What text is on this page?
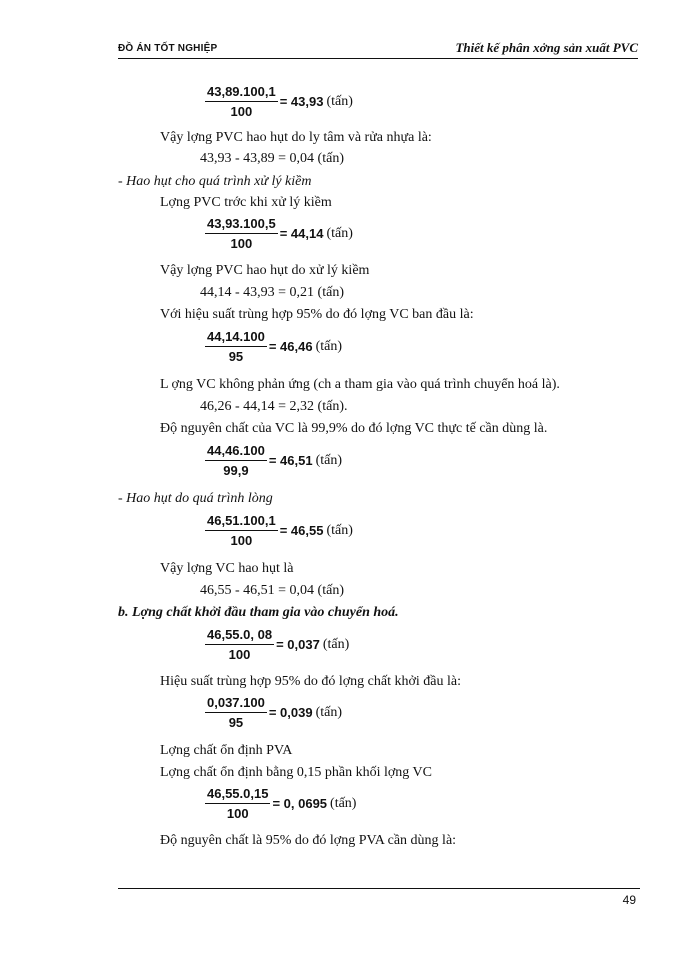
ĐỒ ÁN TỐT NGHIỆP	Thiết kế phân xởng sản xuất PVC
$\frac{43,89.100,1}{100} = 43,93$ (tấn)
Vậy lợng PVC hao hụt do ly tâm và rửa nhựa là:
43,93 - 43,89 = 0,04 (tấn)
- Hao hụt cho quá trình xử lý kiềm
Lợng PVC trớc khi xử lý kiềm
$\frac{43,93.100,5}{100} = 44,14$ (tấn)
Vậy lợng PVC hao hụt do xử lý kiềm
44,14 - 43,93 = 0,21 (tấn)
Với hiệu suất trùng hợp 95% do đó lợng VC ban đầu là:
$\frac{44,14.100}{95} = 46,46$ (tấn)
L ợng VC không phản ứng (ch a tham gia vào quá trình chuyển hoá là).
46,26 - 44,14 = 2,32 (tấn).
Độ nguyên chất của VC là 99,9% do đó lợng VC thực tế cần dùng là.
$\frac{44,46.100}{99,9} = 46,51$ (tấn)
- Hao hụt do quá trình lòng
$\frac{46,51.100,1}{100} = 46,55$ (tấn)
Vậy lợng VC hao hụt là
46,55 - 46,51 = 0,04 (tấn)
b. Lợng chất khởi đầu tham gia vào chuyển hoá.
$\frac{46,55.0, 08}{100} = 0,037$ (tấn)
Hiệu suất trùng hợp 95% do đó lợng chất khởi đầu là:
$\frac{0,037.100}{95} = 0,039$ (tấn)
Lợng chất ổn định PVA
Lợng chất ổn định bằng 0,15 phần khối lợng VC
$\frac{46,55.0,15}{100} = 0$, 0695 (tấn)
Độ nguyên chất là 95% do đó lợng PVA cần dùng là:
49
